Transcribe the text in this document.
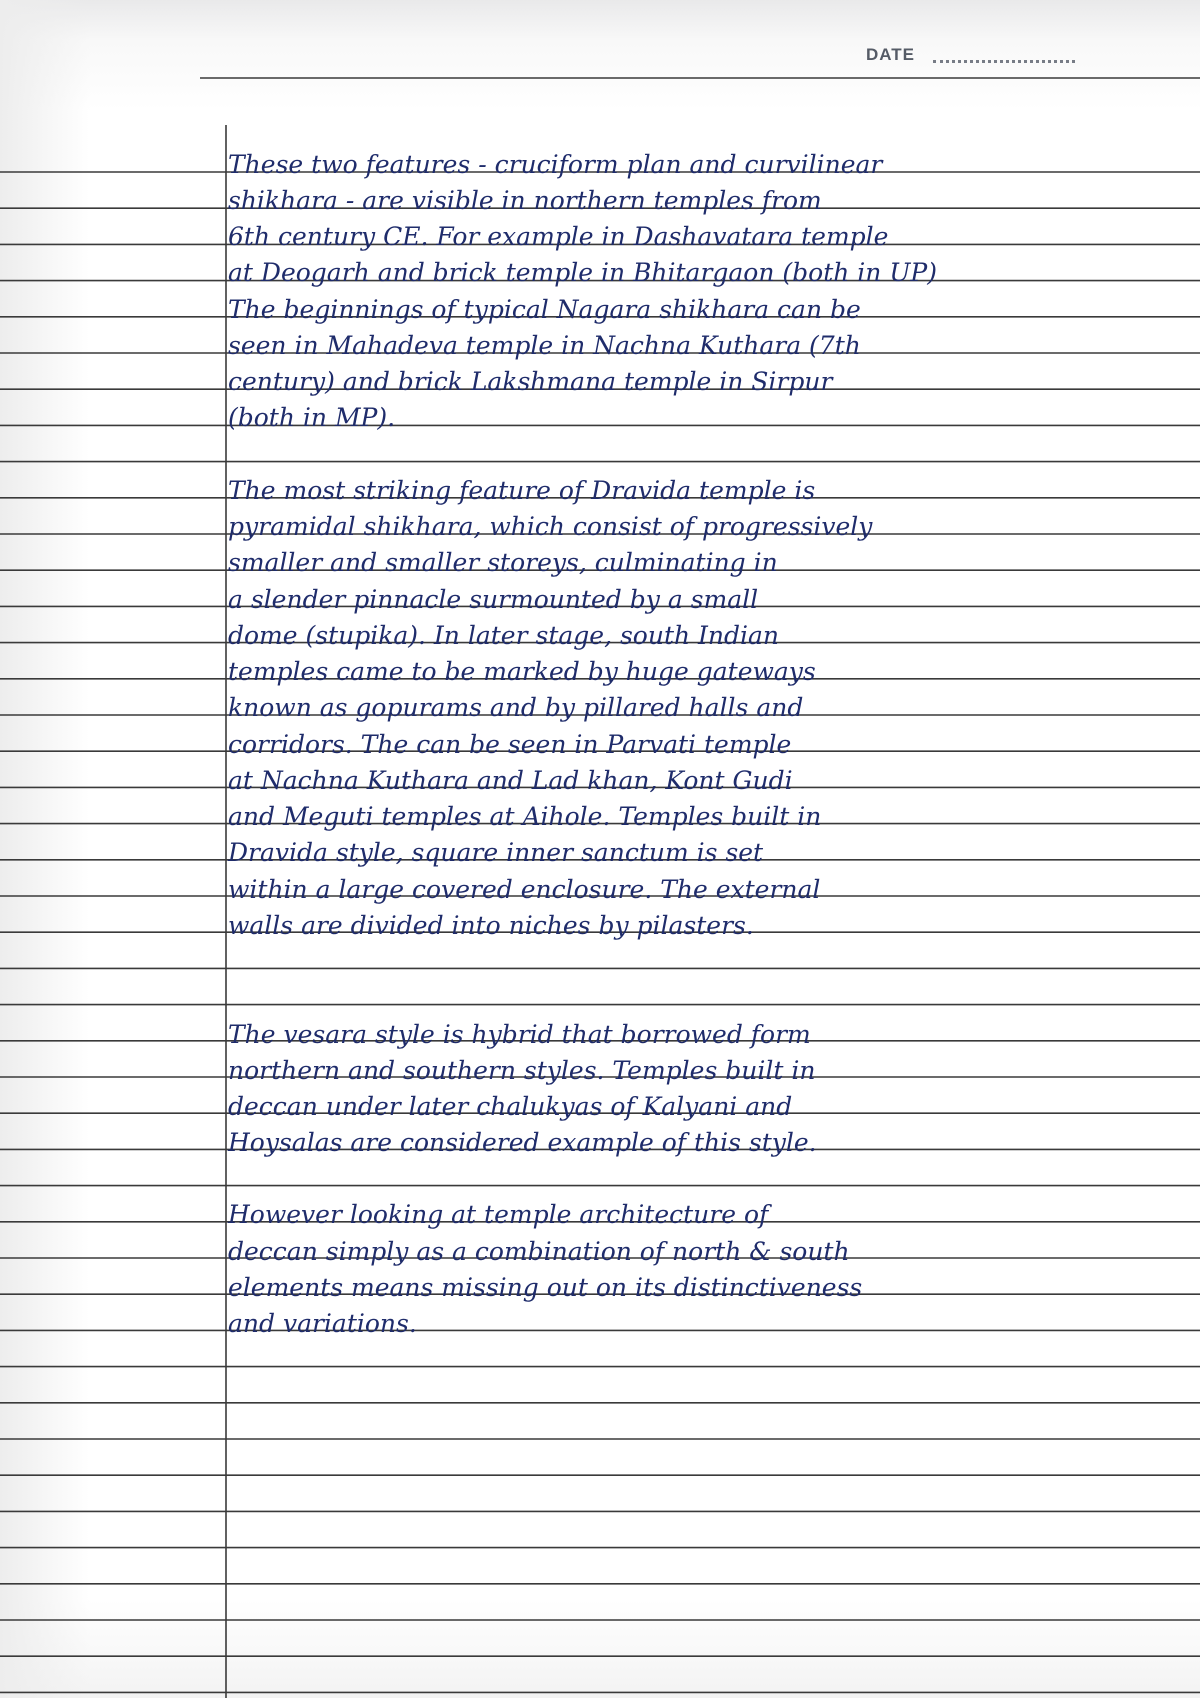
DATE
These two features - cruciform plan and curvilinear
shikhara - are visible in northern temples from
6th century CE. For example in Dashavatara temple
at Deogarh and brick temple in Bhitargaon (both in UP)
The beginnings of typical Nagara shikhara can be
seen in Mahadeva temple in Nachna Kuthara (7th
century) and brick Lakshmana temple in Sirpur
(both in MP).
The most striking feature of Dravida temple is
pyramidal shikhara, which consist of progressively
smaller and smaller storeys, culminating in
a slender pinnacle surmounted by a small
dome (stupika). In later stage, south Indian
temples came to be marked by huge gateways
known as gopurams and by pillared halls and
corridors. The can be seen in Parvati temple
at Nachna Kuthara and Lad khan, Kont Gudi
and Meguti temples at Aihole. Temples built in
Dravida style, square inner sanctum is set
within a large covered enclosure. The external
walls are divided into niches by pilasters.
The vesara style is hybrid that borrowed form
northern and southern styles. Temples built in
deccan under later chalukyas of Kalyani and
Hoysalas are considered example of this style.
However looking at temple architecture of
deccan simply as a combination of north & south
elements means missing out on its distinctiveness
and variations.
